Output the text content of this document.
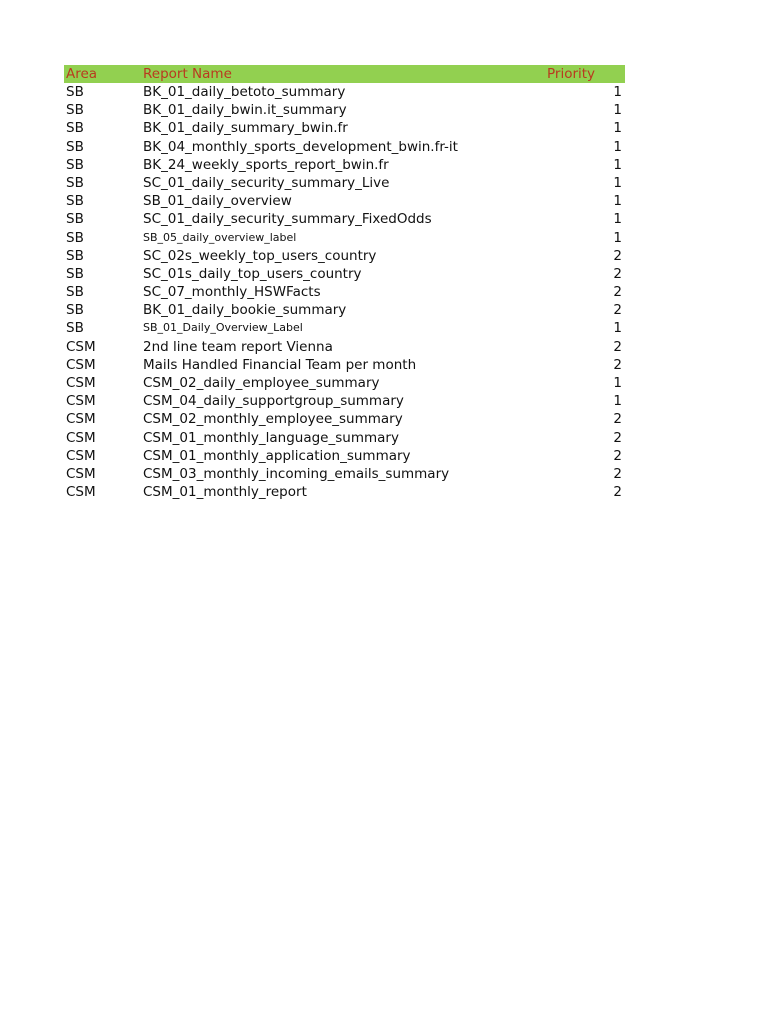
Area	Report Name	Priority
SB	BK_01_daily_betoto_summary	1
SB	BK_01_daily_bwin.it_summary	1
SB	BK_01_daily_summary_bwin.fr	1
SB	BK_04_monthly_sports_development_bwin.fr-it	1
SB	BK_24_weekly_sports_report_bwin.fr	1
SB	SC_01_daily_security_summary_Live	1
SB	SB_01_daily_overview	1
SB	SC_01_daily_security_summary_FixedOdds	1
SB	SB_05_daily_overview_label	1
SB	SC_02s_weekly_top_users_country	2
SB	SC_01s_daily_top_users_country	2
SB	SC_07_monthly_HSWFacts	2
SB	BK_01_daily_bookie_summary	2
SB	SB_01_Daily_Overview_Label	1
CSM	2nd line team report Vienna	2
CSM	Mails Handled Financial Team per month	2
CSM	CSM_02_daily_employee_summary	1
CSM	CSM_04_daily_supportgroup_summary	1
CSM	CSM_02_monthly_employee_summary	2
CSM	CSM_01_monthly_language_summary	2
CSM	CSM_01_monthly_application_summary	2
CSM	CSM_03_monthly_incoming_emails_summary	2
CSM	CSM_01_monthly_report	2
